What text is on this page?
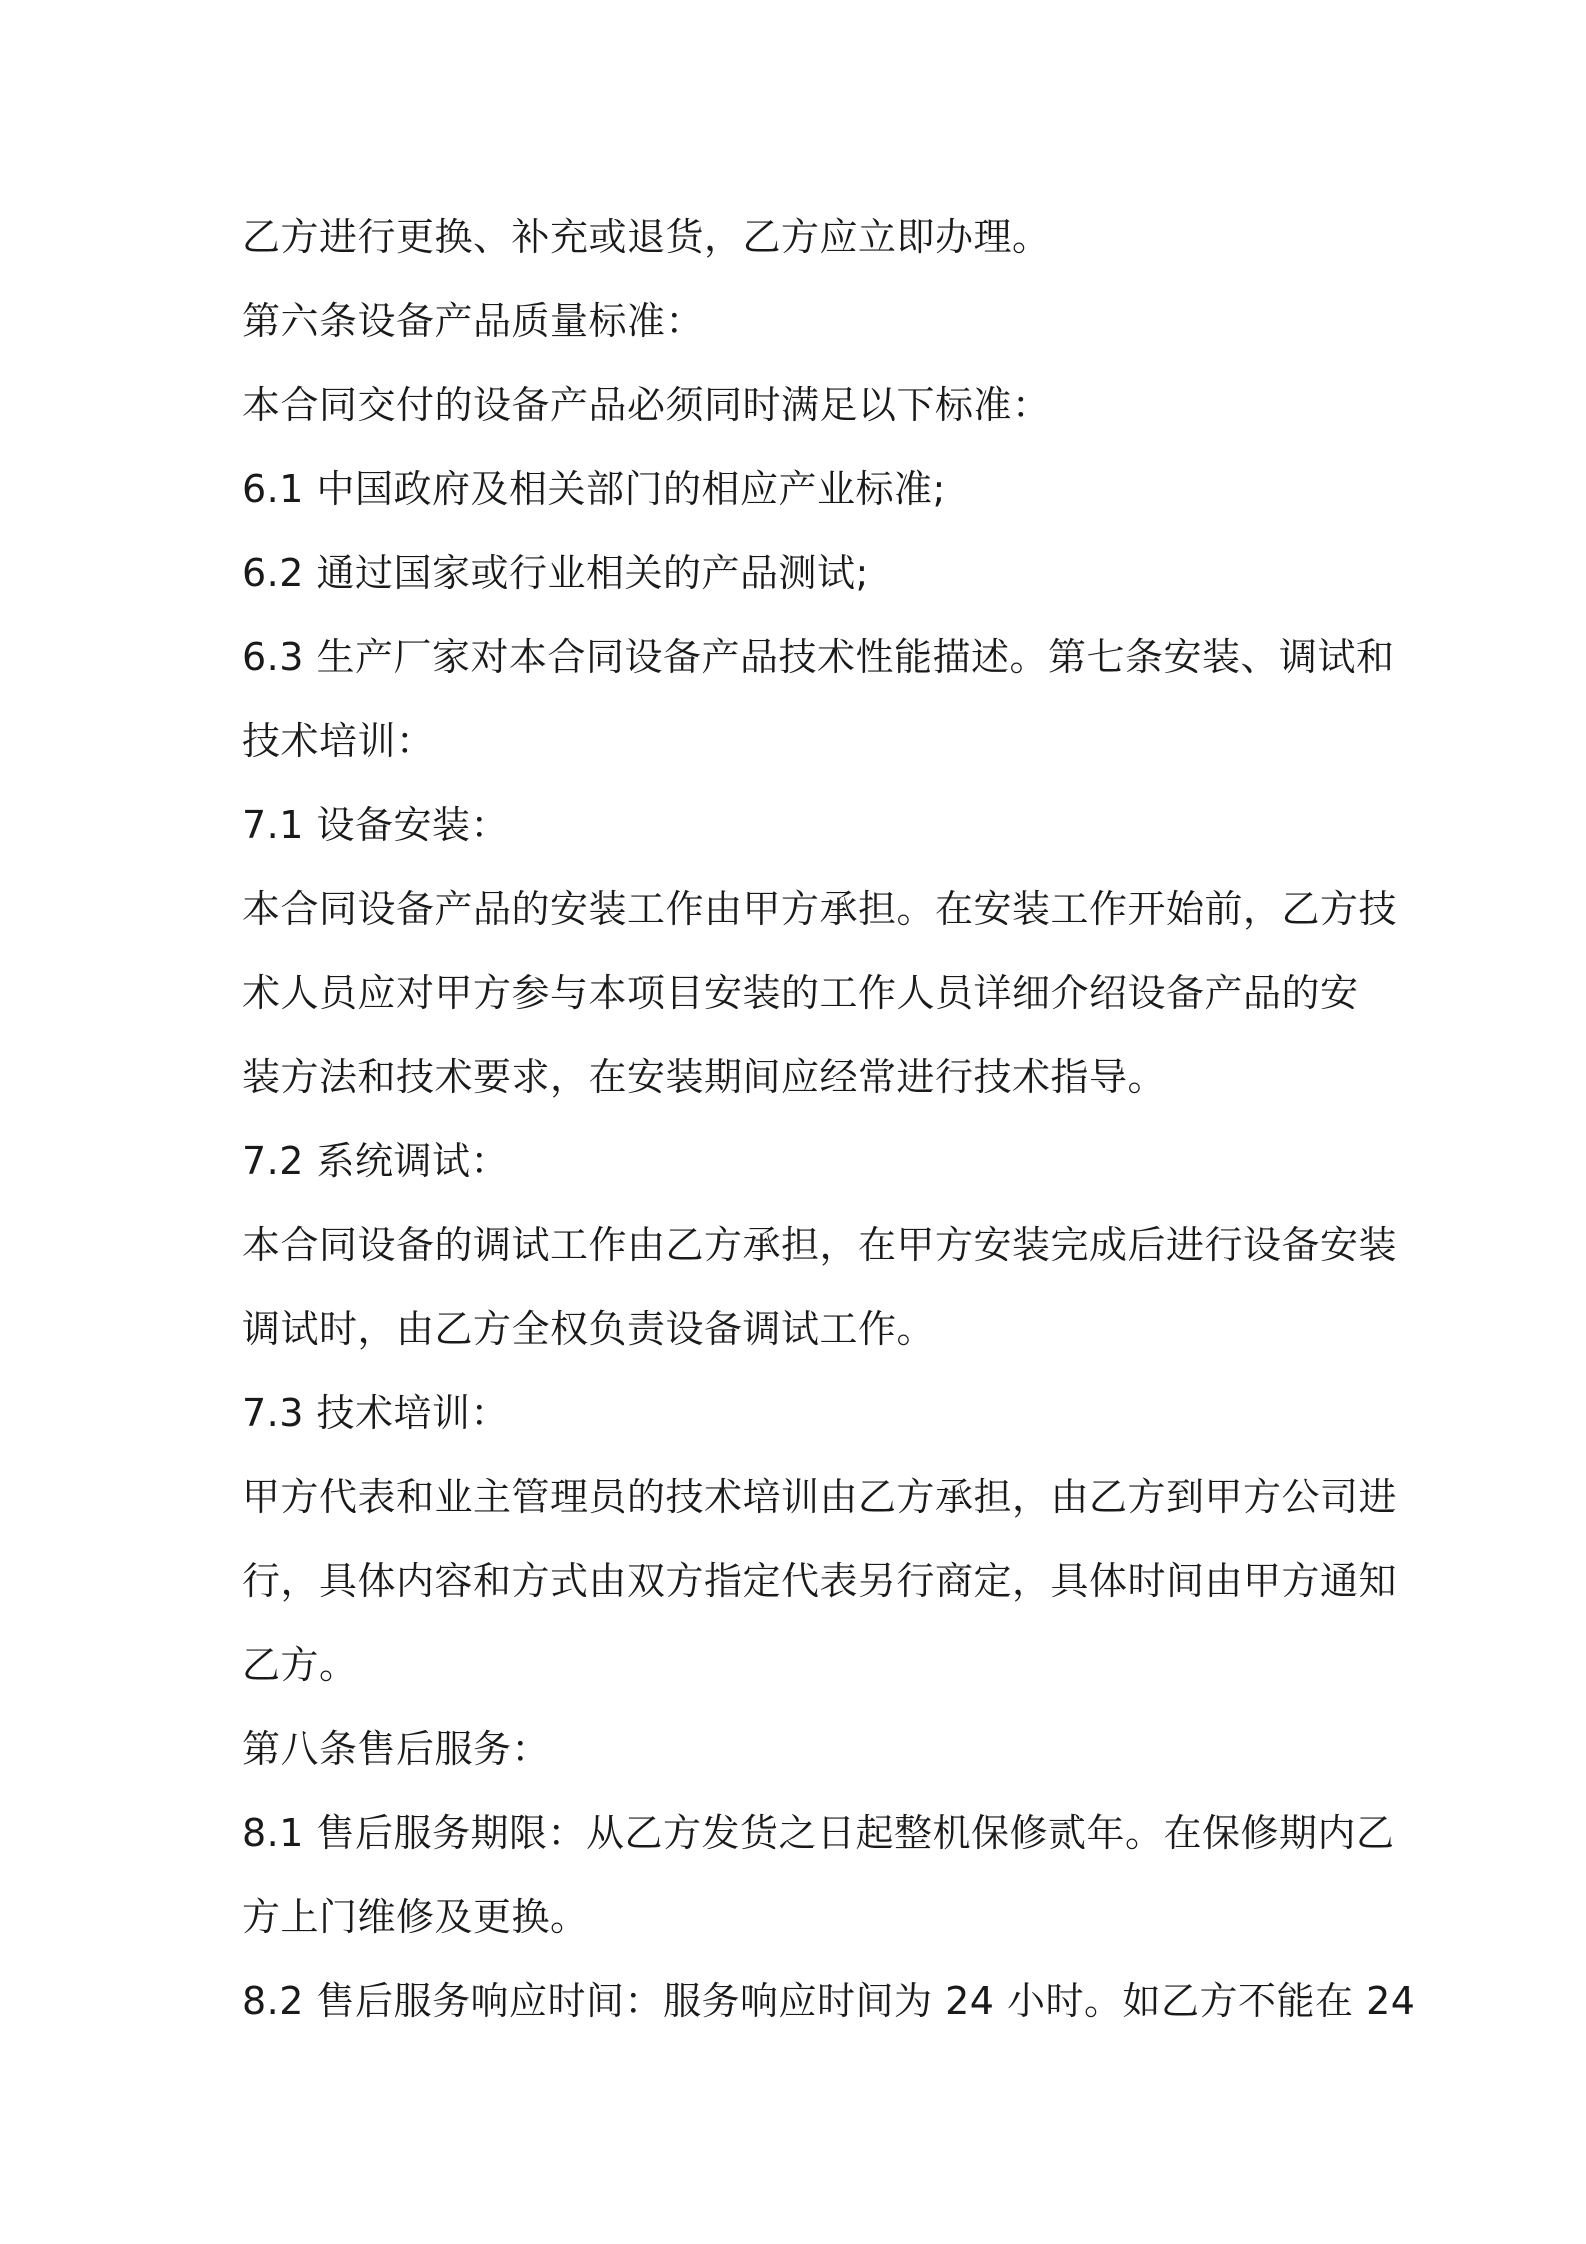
乙方进行更换、补充或退货，乙方应立即办理。
第六条设备产品质量标准：
本合同交付的设备产品必须同时满足以下标准：
6.1 中国政府及相关部门的相应产业标准;
6.2 通过国家或行业相关的产品测试;
6.3 生产厂家对本合同设备产品技术性能描述。第七条安装、调试和
技术培训：
7.1 设备安装：
本合同设备产品的安装工作由甲方承担。在安装工作开始前，乙方技
术人员应对甲方参与本项目安装的工作人员详细介绍设备产品的安
装方法和技术要求，在安装期间应经常进行技术指导。
7.2 系统调试：
本合同设备的调试工作由乙方承担，在甲方安装完成后进行设备安装
调试时，由乙方全权负责设备调试工作。
7.3 技术培训：
甲方代表和业主管理员的技术培训由乙方承担，由乙方到甲方公司进
行，具体内容和方式由双方指定代表另行商定，具体时间由甲方通知
乙方。
第八条售后服务：
8.1 售后服务期限：从乙方发货之日起整机保修贰年。在保修期内乙
方上门维修及更换。
8.2 售后服务响应时间：服务响应时间为 24 小时。如乙方不能在 24
